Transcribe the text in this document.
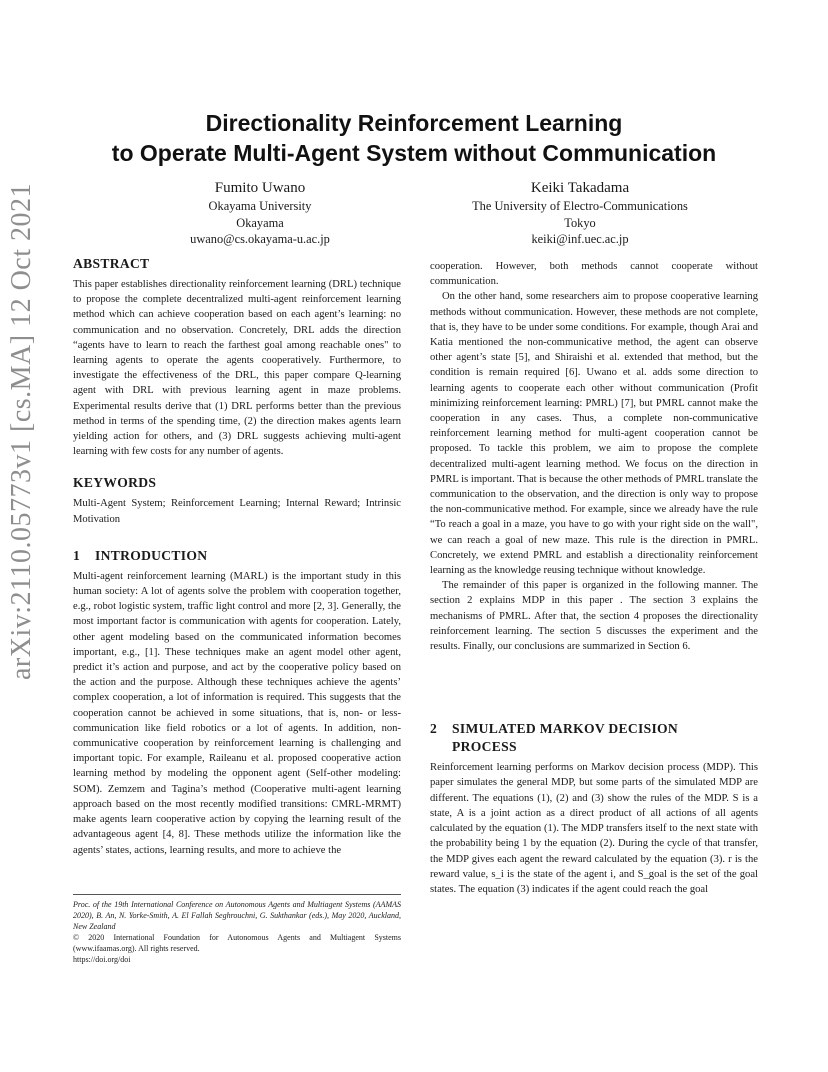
Directionality Reinforcement Learning
to Operate Multi-Agent System without Communication
Fumito Uwano
Okayama University
Okayama
uwano@cs.okayama-u.ac.jp
Keiki Takadama
The University of Electro-Communications
Tokyo
keiki@inf.uec.ac.jp
arXiv:2110.05773v1 [cs.MA] 12 Oct 2021	ABSTRACT

This paper establishes directionality reinforcement learning (DRL) technique to propose the complete decentralized multi-agent reinforcement learning method which can achieve cooperation based on each agent’s learning: no communication and no observation. Concretely, DRL adds the direction “agents have to learn to reach the farthest goal among reachable ones" to learning agents to operate the agents cooperatively. Furthermore, to investigate the effectiveness of the DRL, this paper compare Q-learning agent with DRL with previous learning agent in maze problems. Experimental results derive that (1) DRL performs better than the previous method in terms of the spending time, (2) the direction makes agents learn yielding action for others, and (3) DRL suggests achieving multi-agent learning with few costs for any number of agents.

KEYWORDS

Multi-Agent System; Reinforcement Learning; Internal Reward; Intrinsic Motivation

1	INTRODUCTION

Multi-agent reinforcement learning (MARL) is the important study in this human society: A lot of agents solve the problem with cooperation together, e.g., robot logistic system, traffic light control and more [2, 3]. Generally, the most important factor is communication with agents for cooperation. Lately, other agent modeling based on the communicated information becomes important, e.g., [1]. These techniques make an agent model other agent, predict it’s action and purpose, and act by the cooperative policy based on the action and the purpose. Although these techniques achieve the agents’ complex cooperation, a lot of information is required. This suggests that the cooperation cannot be achieved in some situations, that is, non- or less-communication like field robotics or a lot of agents. In addition, non-communicative cooperation by reinforcement learning is challenging and important topic. For example, Raileanu et al. proposed cooperative action learning method by modeling the opponent agent (Self-other modeling: SOM). Zemzem and Tagina’s method (Cooperative multi-agent learning approach based on the most recently modified transitions: CMRL-MRMT) make agents learn cooperative action by copying the learning result of the advantageous agent [4, 8]. These methods utilize the information like the agents’ states, actions, learning results, and more to achieve the

cooperation. However, both methods cannot cooperate without communication.

On the other hand, some researchers aim to propose cooperative learning methods without communication. However, these methods are not complete, that is, they have to be under some conditions. For example, though Arai and Katia mentioned the non-communicative method, the agent can observe other agent’s state [5], and Shiraishi et al. extended that method, but the condition is remain required [6]. Uwano et al. adds some direction to learning agents to cooperate each other without communication (Profit minimizing reinforcement learning: PMRL) [7], but PMRL cannot make the cooperation in any cases. Thus, a complete non-communicative reinforcement learning method for multi-agent cooperation cannot be proposed. To tackle this problem, we aim to propose the complete decentralized multi-agent learning method. We focus on the direction in PMRL is important. That is because the other methods of PMRL translate the communication to the observation, and the direction is only way to propose the non-communicative method. For example, since we already have the rule “To reach a goal in a maze, you have to go with your right side on the wall", we can reach a goal of new maze. This rule is the direction in PMRL. Concretely, we extend PMRL and establish a directionality reinforcement learning as the knowledge reusing technique without knowledge.

The remainder of this paper is organized in the following manner. The section 2 explains MDP in this paper . The section 3 explains the mechanisms of PMRL. After that, the section 4 proposes the directionality reinforcement learning. The section 5 discusses the experiment and the results. Finally, our conclusions are summarized in Section 6.

2	SIMULATED MARKOV DECISION
PROCESS

Reinforcement learning performs on Markov decision process (MDP). This paper simulates the general MDP, but some parts of the simulated MDP are different. The equations (1), (2) and (3) show the rules of the MDP. S is a state, A is a joint action as a direct product of all actions of all agents calculated by the equation (1). The MDP transfers itself to the next state with the probability being 1 by the equation (2). During the cycle of that transfer, the MDP gives each agent the reward calculated by the equation (3). r is the reward value, s_i is the state of the agent i, and S_goal is the set of the goal states. The equation (3) indicates if the agent could reach the goal

Proc. of the 19th International Conference on Autonomous Agents and Multiagent Systems (AAMAS 2020), B. An, N. Yorke-Smith, A. El Fallah Seghrouchni, G. Sukthankar (eds.), May 2020, Auckland, New Zealand

© 2020 International Foundation for Autonomous Agents and Multiagent Systems (www.ifaamas.org). All rights reserved.

https://doi.org/doi
